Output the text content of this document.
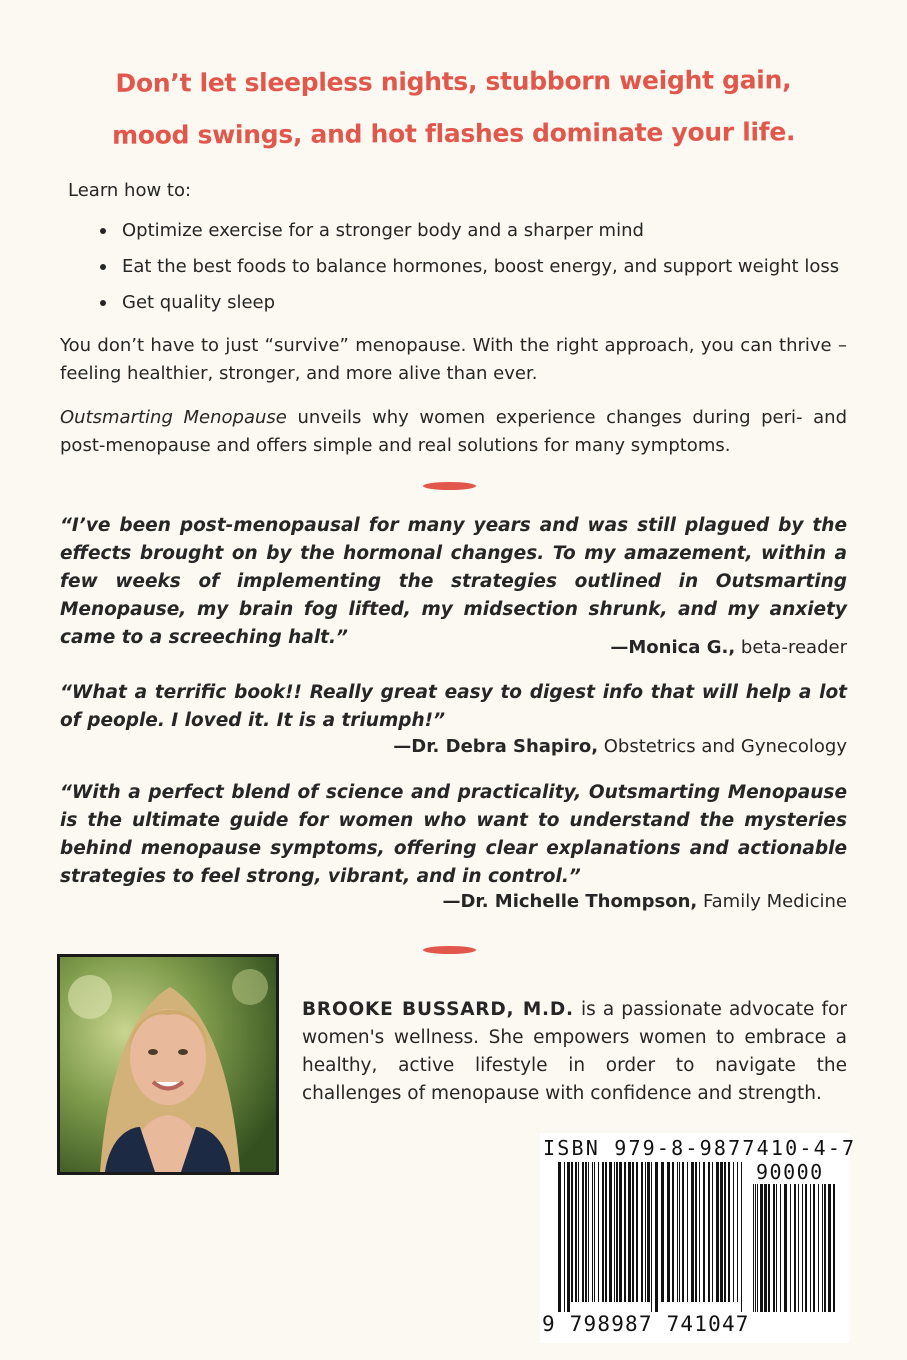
Don’t let sleepless nights, stubborn weight gain,
mood swings, and hot flashes dominate your life.
Learn how to:
Optimize exercise for a stronger body and a sharper mind
Eat the best foods to balance hormones, boost energy, and support weight loss
Get quality sleep

You don’t have to just “survive” menopause. With the right approach, you can thrive – feeling healthier, stronger, and more alive than ever.

Outsmarting Menopause unveils why women experience changes during peri- and post-menopause and offers simple and real solutions for many symptoms.

“I’ve been post-menopausal for many years and was still plagued by the effects brought on by the hormonal changes. To my amazement, within a few weeks of implementing the strategies outlined in Outsmarting Menopause, my brain fog lifted, my midsection shrunk, and my anxiety came to a screeching halt.”	—Monica G., beta-reader

“What a terrific book!! Really great easy to digest info that will help a lot of people. I loved it. It is a triumph!”

—Dr. Debra Shapiro, Obstetrics and Gynecology

“With a perfect blend of science and practicality, Outsmarting Menopause is the ultimate guide for women who want to understand the mysteries behind menopause symptoms, offering clear explanations and actionable strategies to feel strong, vibrant, and in control.”

—Dr. Michelle Thompson, Family Medicine

BROOKE BUSSARD, M.D. is a passionate advocate for women's wellness. She empowers women to embrace a healthy, active lifestyle in order to navigate the challenges of menopause with confidence and strength.

ISBN 979-8-9877410-4-7
90000
9 798987 741047
